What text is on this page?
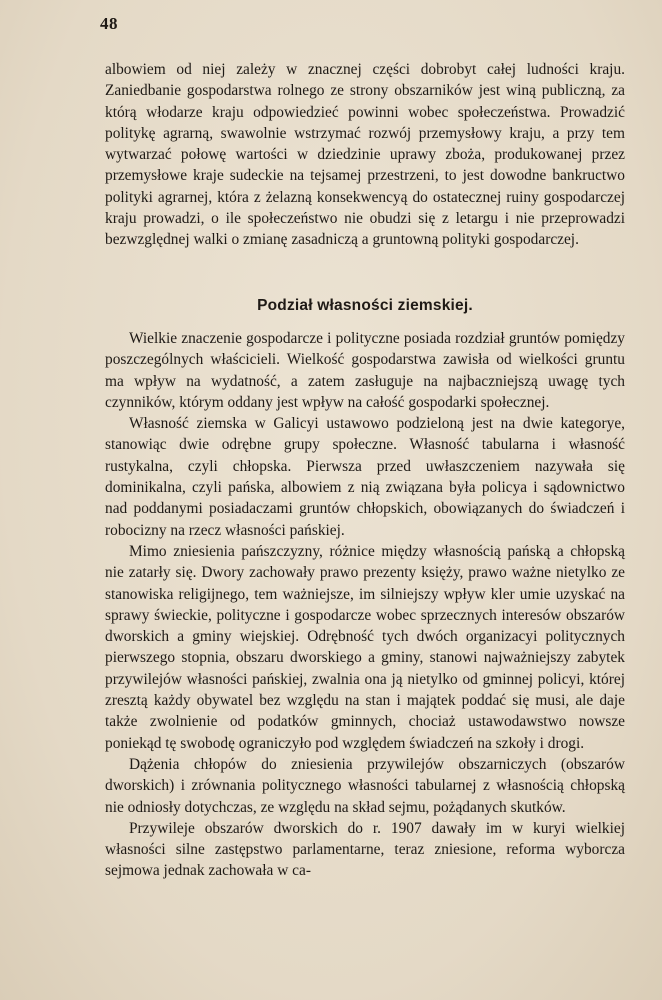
48

albowiem od niej zależy w znacznej części dobrobyt całej ludności kraju. Zaniedbanie gospodarstwa rolnego ze strony obszarników jest winą publiczną, za którą włodarze kraju odpowiedzieć powinni wobec społeczeństwa. Prowadzić politykę agrarną, swawolnie wstrzymać rozwój przemysłowy kraju, a przy tem wytwarzać połowę wartości w dziedzinie uprawy zboża, produkowanej przez przemysłowe kraje sudeckie na tejsamej przestrzeni, to jest dowodne bankructwo polityki agrarnej, która z żelazną konsekwencyą do ostatecznej ruiny gospodarczej kraju prowadzi, o ile społeczeństwo nie obudzi się z letargu i nie przeprowadzi bezwzględnej walki o zmianę zasadniczą a gruntowną polityki gospodarczej.

Podział własności ziemskiej.

Wielkie znaczenie gospodarcze i polityczne posiada rozdział gruntów pomiędzy poszczególnych właścicieli. Wielkość gospodarstwa zawisła od wielkości gruntu ma wpływ na wydatność, a zatem zasługuje na najbaczniejszą uwagę tych czynników, którym oddany jest wpływ na całość gospodarki społecznej.

Własność ziemska w Galicyi ustawowo podzieloną jest na dwie kategorye, stanowiąc dwie odrębne grupy społeczne. Własność tabularna i własność rustykalna, czyli chłopska. Pierwsza przed uwłaszczeniem nazywała się dominikalna, czyli pańska, albowiem z nią związana była policya i sądownictwo nad poddanymi posiadaczami gruntów chłopskich, obowiązanych do świadczeń i robocizny na rzecz własności pańskiej.

Mimo zniesienia pańszczyzny, różnice między własnością pańską a chłopską nie zatarły się. Dwory zachowały prawo prezenty księży, prawo ważne nietylko ze stanowiska religijnego, tem ważniejsze, im silniejszy wpływ kler umie uzyskać na sprawy świeckie, polityczne i gospodarcze wobec sprzecznych interesów obszarów dworskich a gminy wiejskiej. Odrębność tych dwóch organizacyi politycznych pierwszego stopnia, obszaru dworskiego a gminy, stanowi najważniejszy zabytek przywilejów własności pańskiej, zwalnia ona ją nietylko od gminnej policyi, której zresztą każdy obywatel bez względu na stan i majątek poddać się musi, ale daje także zwolnienie od podatków gminnych, chociaż ustawodawstwo nowsze poniekąd tę swobodę ograniczyło pod względem świadczeń na szkoły i drogi.

Dążenia chłopów do zniesienia przywilejów obszarniczych (obszarów dworskich) i zrównania politycznego własności tabularnej z własnością chłopską nie odniosły dotychczas, ze względu na skład sejmu, pożądanych skutków.

Przywileje obszarów dworskich do r. 1907 dawały im w kuryi wielkiej własności silne zastępstwo parlamentarne, teraz zniesione, reforma wyborcza sejmowa jednak zachowała w ca-
